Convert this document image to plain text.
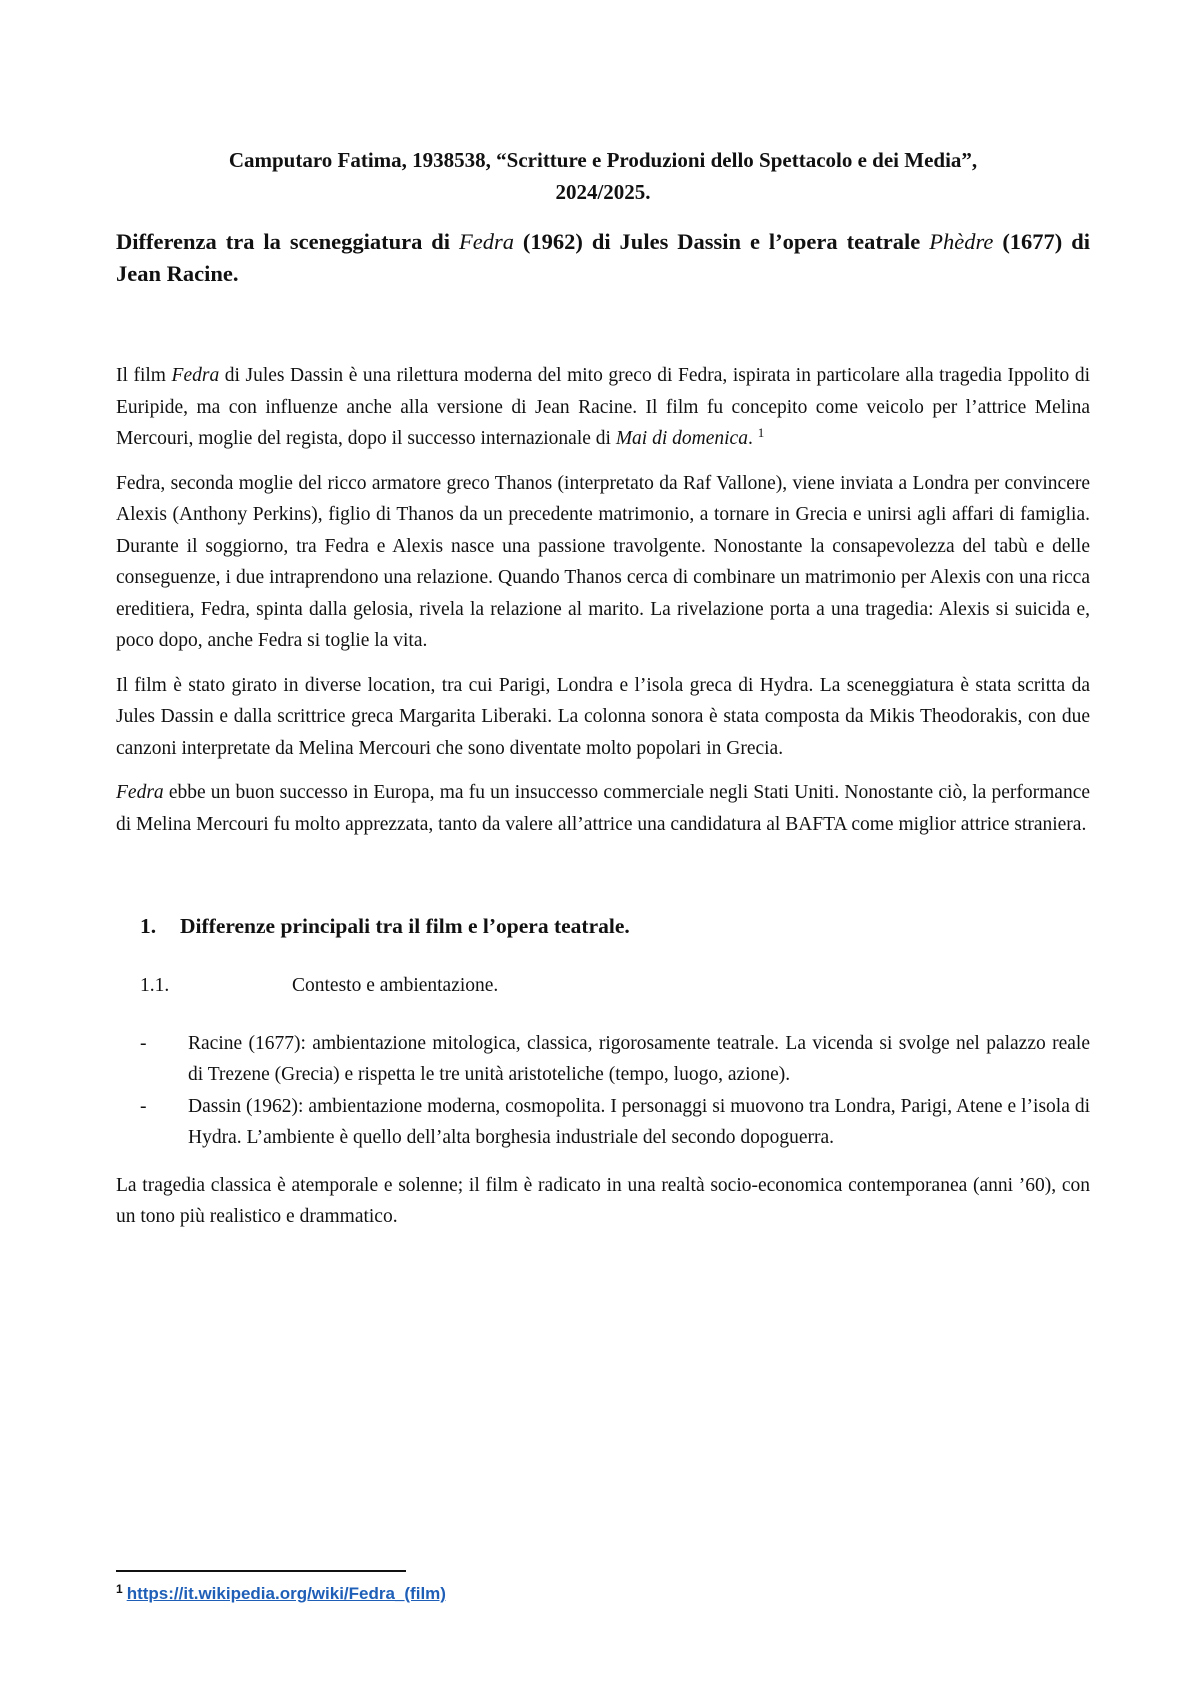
Camputaro Fatima, 1938538, “Scritture e Produzioni dello Spettacolo e dei Media”,
2024/2025.

Differenza tra la sceneggiatura di Fedra (1962) di Jules Dassin e l’opera teatrale Phèdre (1677) di Jean Racine.

Il film Fedra di Jules Dassin è una rilettura moderna del mito greco di Fedra, ispirata in particolare alla tragedia Ippolito di Euripide, ma con influenze anche alla versione di Jean Racine. Il film fu concepito come veicolo per l’attrice Melina Mercouri, moglie del regista, dopo il successo internazionale di Mai di domenica. $^1$

Fedra, seconda moglie del ricco armatore greco Thanos (interpretato da Raf Vallone), viene inviata a Londra per convincere Alexis (Anthony Perkins), figlio di Thanos da un precedente matrimonio, a tornare in Grecia e unirsi agli affari di famiglia. Durante il soggiorno, tra Fedra e Alexis nasce una passione travolgente. Nonostante la consapevolezza del tabù e delle conseguenze, i due intraprendono una relazione. Quando Thanos cerca di combinare un matrimonio per Alexis con una ricca ereditiera, Fedra, spinta dalla gelosia, rivela la relazione al marito. La rivelazione porta a una tragedia: Alexis si suicida e, poco dopo, anche Fedra si toglie la vita.

Il film è stato girato in diverse location, tra cui Parigi, Londra e l’isola greca di Hydra. La sceneggiatura è stata scritta da Jules Dassin e dalla scrittrice greca Margarita Liberaki. La colonna sonora è stata composta da Mikis Theodorakis, con due canzoni interpretate da Melina Mercouri che sono diventate molto popolari in Grecia.

Fedra ebbe un buon successo in Europa, ma fu un insuccesso commerciale negli Stati Uniti. Nonostante ciò, la performance di Melina Mercouri fu molto apprezzata, tanto da valere all’attrice una candidatura al BAFTA come miglior attrice straniera.

1.	Differenze principali tra il film e l’opera teatrale.
1.1.	Contesto e ambientazione.
-	Racine (1677): ambientazione mitologica, classica, rigorosamente teatrale. La vicenda si svolge nel palazzo reale di Trezene (Grecia) e rispetta le tre unità aristoteliche (tempo, luogo, azione).
-	Dassin (1962): ambientazione moderna, cosmopolita. I personaggi si muovono tra Londra, Parigi, Atene e l’isola di Hydra. L’ambiente è quello dell’alta borghesia industriale del secondo dopoguerra.

La tragedia classica è atemporale e solenne; il film è radicato in una realtà socio-economica contemporanea (anni ’60), con un tono più realistico e drammatico.

$^1$ https://it.wikipedia.org/wiki/Fedra_(film)
